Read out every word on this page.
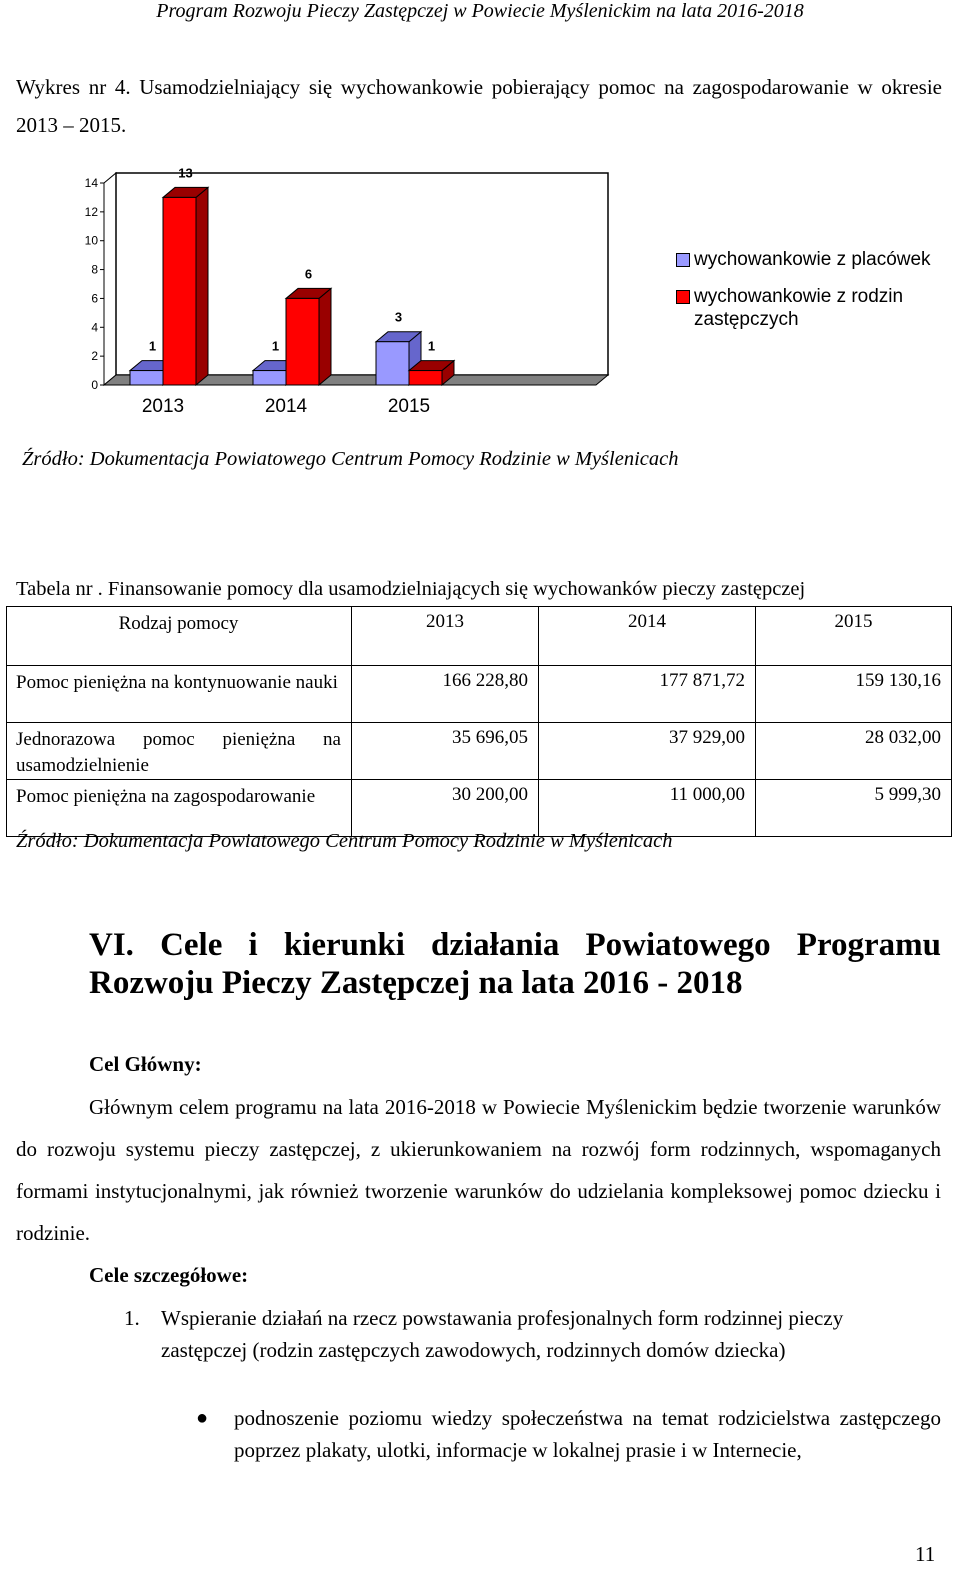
Program Rozwoju Pieczy Zastępczej w Powiecie Myślenickim na lata 2016-2018
Wykres nr 4. Usamodzielniający się wychowankowie pobierający pomoc na zagospodarowanie w okresie 2013 – 2015.
0
2
4
6
8
10
12
14
1
13
2013
1
6
2014
3
1
2015
wychowankowie z placówek
wychowankowie z rodzin zastępczych
Źródło: Dokumentacja Powiatowego Centrum Pomocy Rodzinie w Myślenicach
Tabela nr . Finansowanie pomocy dla usamodzielniających się wychowanków pieczy zastępczej
Rodzaj pomocy	2013	2014	2015
Pomoc pieniężna na kontynuowanie nauki	166 228,80	177 871,72	159 130,16
Jednorazowa pomoc pieniężna na usamodzielnienie	35 696,05	37 929,00	28 032,00
Pomoc pieniężna na zagospodarowanie	30 200,00	11 000,00	5 999,30
Źródło: Dokumentacja Powiatowego Centrum Pomocy Rodzinie w Myślenicach
VI. Cele i kierunki działania Powiatowego Programu
Rozwoju Pieczy Zastępczej na lata 2016 - 2018
Cel Główny:
Głównym celem programu na lata 2016-2018 w Powiecie Myślenickim będzie tworzenie warunków do rozwoju systemu pieczy zastępczej, z ukierunkowaniem na rozwój form rodzinnych, wspomaganych formami instytucjonalnymi, jak również tworzenie warunków do udzielania kompleksowej pomoc dziecku i rodzinie.
Cele szczegółowe:
1. Wspieranie działań na rzecz powstawania profesjonalnych form rodzinnej pieczy zastępczej (rodzin zastępczych zawodowych, rodzinnych domów dziecka)
● podnoszenie poziomu wiedzy społeczeństwa na temat rodzicielstwa zastępczego poprzez plakaty, ulotki, informacje w lokalnej prasie i w Internecie,
11
